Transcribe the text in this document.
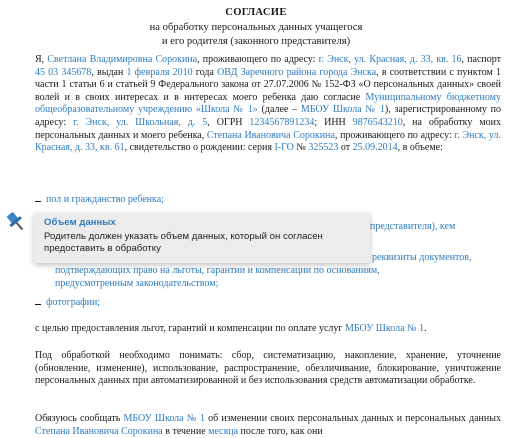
СОГЛАСИЕ
на обработку персональных данных учащегося
и его родителя (законного представителя)
Я, Светлана Владимировна Сорокина, проживающего по адресу: г. Энск, ул. Красная, д. 33, кв. 16, паспорт 45 03 345678, выдан 1 февраля 2010 года ОВД Заречного района города Энска, в соответствии с пунктом 1 части 1 статьи 6 и статьей 9 Федерального закона от 27.07.2006 № 152-ФЗ «О персональных данных» своей волей и в своих интересах и в интересах моего ребенка даю согласие Муниципальному бюджетному общеобразовательному учреждению «Школа № 1» (далее – МБОУ Школа № 1), зарегистрированному по адресу: г. Энск, ул. Школьная, д. 5, ОГРН 1234567891234; ИНН 9876543210, на обработку моих персональных данных и моего ребенка, Степана Ивановича Сорокина, проживающего по адресу: г. Энск, ул. Красная, д. 33, кв. 61, свидетельство о рождении: серия I-ГО № 325523 от 25.09.2014, в объеме:
пол и гражданство ребенка;
представителя), кем
реквизиты документов,
подтверждающих право на льготы, гарантии и компенсации по основаниям,
предусмотренным законодательством;
фотографии;
с целью предоставления льгот, гарантий и компенсации по оплате услуг МБОУ Школа № 1.
Под обработкой необходимо понимать: сбор, систематизацию, накопление, хранение, уточнение (обновление, изменение), использование, распространение, обезличивание, блокирование, уничтожение персональных данных при автоматизированной и без использования средств автоматизации обработке.
Обязуюсь сообщать МБОУ Школа № 1 об изменении своих персональных данных и персональных данных Степана Ивановича Сорокина в течение месяца после того, как они
Объем данных
Родитель должен указать объем данных, который он согласен предоставить в обработку
